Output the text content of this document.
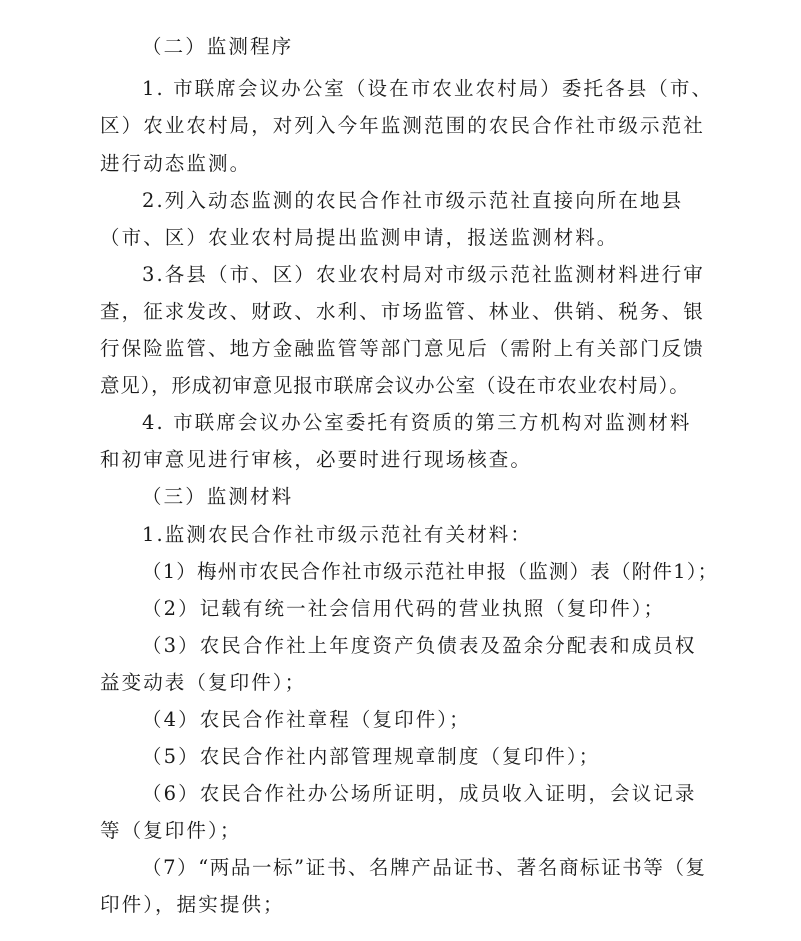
（二）监测程序

1. 市联席会议办公室（设在市农业农村局）委托各县（市、

区）农业农村局，对列入今年监测范围的农民合作社市级示范社

进行动态监测。

2.列入动态监测的农民合作社市级示范社直接向所在地县

（市、区）农业农村局提出监测申请，报送监测材料。

3.各县（市、区）农业农村局对市级示范社监测材料进行审

查，征求发改、财政、水利、市场监管、林业、供销、税务、银

行保险监管、地方金融监管等部门意见后（需附上有关部门反馈

意见），形成初审意见报市联席会议办公室（设在市农业农村局）。

4. 市联席会议办公室委托有资质的第三方机构对监测材料

和初审意见进行审核，必要时进行现场核查。

（三）监测材料

1.监测农民合作社市级示范社有关材料：

（1）梅州市农民合作社市级示范社申报（监测）表（附件1）；

（2）记载有统一社会信用代码的营业执照（复印件）；

（3）农民合作社上年度资产负债表及盈余分配表和成员权

益变动表（复印件）；

（4）农民合作社章程（复印件）；

（5）农民合作社内部管理规章制度（复印件）；

（6）农民合作社办公场所证明，成员收入证明，会议记录

等（复印件）；

（7）“两品一标”证书、名牌产品证书、著名商标证书等（复

印件），据实提供；
